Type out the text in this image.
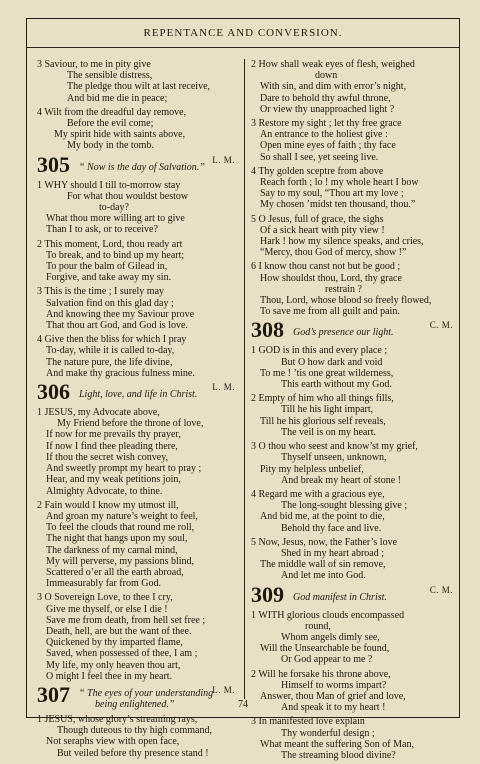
REPENTANCE AND CONVERSION.
3 Saviour, to me in pity give
The sensible distress,
The pledge thou wilt at last receive,
And bid me die in peace;
4 Wilt from the dreadful day remove,
Before the evil come;
My spirit hide with saints above,
My body in the tomb.
305 “ Now is the day of Salvation.”
L. M.
1 WHY should I till to-morrow stay
For what thou wouldst bestow
to-day?
What thou more willing art to give
Than I to ask, or to receive?
2 This moment, Lord, thou ready art
To break, and to bind up my heart;
To pour the balm of Gilead in,
Forgive, and take away my sin.
3 This is the time ; I surely may
Salvation find on this glad day ;
And knowing thee my Saviour prove
That thou art God, and God is love.
4 Give then the bliss for which I pray
To-day, while it is called to-day,
The nature pure, the life divine,
And make thy gracious fulness mine.
306 Light, love, and life in Christ.
L. M.
1 JESUS, my Advocate above,
My Friend before the throne of love,
If now for me prevails thy prayer,
If now I find thee pleading there,
If thou the secret wish convey,
And sweetly prompt my heart to pray ;
Hear, and my weak petitions join,
Almighty Advocate, to thine.
2 Fain would I know my utmost ill,
And groan my nature’s weight to feel,
To feel the clouds that round me roll,
The night that hangs upon my soul,
The darkness of my carnal mind,
My will perverse, my passions blind,
Scattered o’er all the earth abroad,
Immeasurably far from God.
3 O Sovereign Love, to thee I cry,
Give me thyself, or else I die !
Save me from death, from hell set free ;
Death, hell, are but the want of thee.
Quickened by thy imparted flame,
Saved, when possessed of thee, I am ;
My life, my only heaven thou art,
O might I feel thee in my heart.
307 “ The eyes of your understanding
being enlightened.”
L. M.
1 JESUS, whose glory’s streaming rays,
Though duteous to thy high command,
Not seraphs view with open face,
But veiled before thy presence stand !
2 How shall weak eyes of flesh, weighed
down
With sin, and dim with error’s night,
Dare to behold thy awful throne,
Or view thy unapproached light ?
3 Restore my sight ; let thy free grace
An entrance to the holiest give :
Open mine eyes of faith ; thy face
So shall I see, yet seeing live.
4 Thy golden sceptre from above
Reach forth ; lo ! my whole heart I bow
Say to my soul, “Thou art my love ;
My chosen ’midst ten thousand, thou.”
5 O Jesus, full of grace, the sighs
Of a sick heart with pity view !
Hark ! how my silence speaks, and cries,
“Mercy, thou God of mercy, show !”
6 I know thou canst not but be good ;
How shouldst thou, Lord, thy grace
restrain ?
Thou, Lord, whose blood so freely flowed,
To save me from all guilt and pain.
308 God’s presence our light.
C. M.
1 GOD is in this and every place ;
But O how dark and void
To me ! ’tis one great wilderness,
This earth without my God.
2 Empty of him who all things fills,
Till he his light impart,
Till he his glorious self reveals,
The veil is on my heart.
3 O thou who seest and know’st my grief,
Thyself unseen, unknown,
Pity my helpless unbelief,
And break my heart of stone !
4 Regard me with a gracious eye,
The long-sought blessing give ;
And bid me, at the point to die,
Behold thy face and live.
5 Now, Jesus, now, the Father’s love
Shed in my heart abroad ;
The middle wall of sin remove,
And let me into God.
309 God manifest in Christ.
C. M.
1 WITH glorious clouds encompassed
round,
Whom angels dimly see,
Will the Unsearchable be found,
Or God appear to me ?
2 Will he forsake his throne above,
Himself to worms impart?
Answer, thou Man of grief and love,
And speak it to my heart !
3 In manifested love explain
Thy wonderful design ;
What meant the suffering Son of Man,
The streaming blood divine?
74
